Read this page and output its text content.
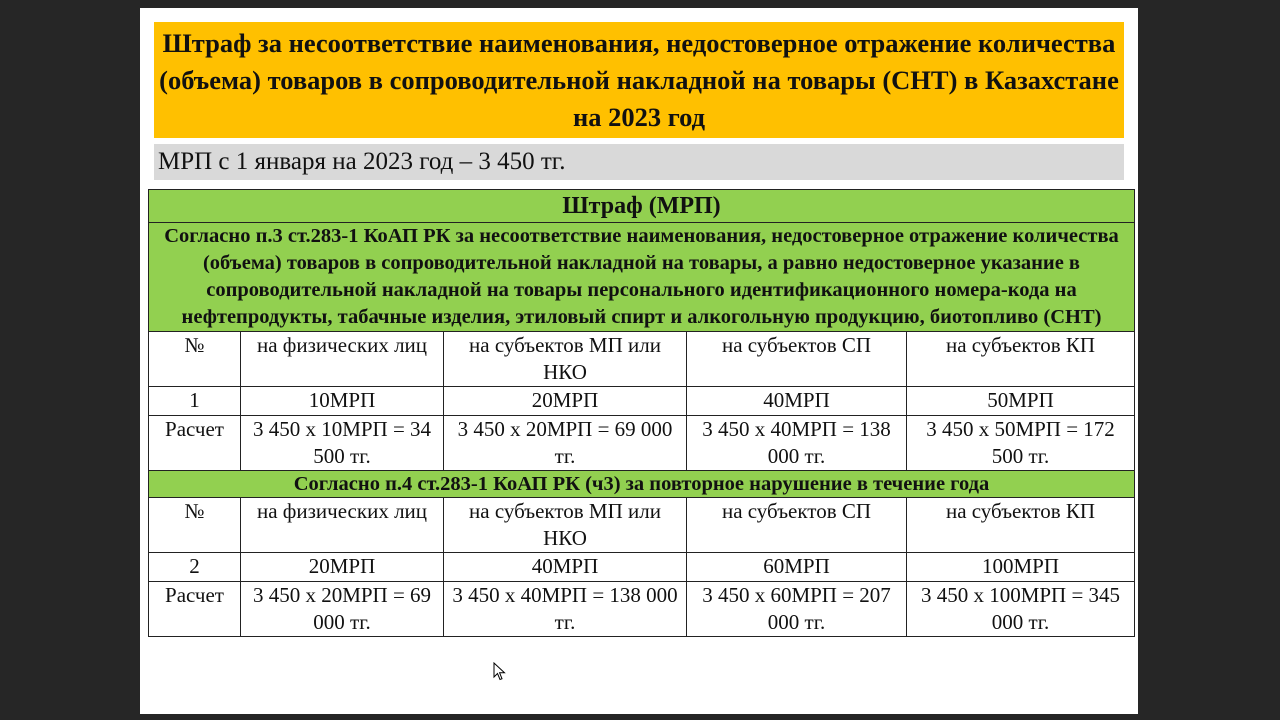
Штраф за несоответствие наименования, недостоверное отражение количества (объема) товаров в сопроводительной накладной на товары (СНТ) в Казахстане на 2023 год
МРП с 1 января на 2023 год – 3 450 тг.
Штраф (МРП)				
Согласно п.3 ст.283-1 КоАП РК за несоответствие наименования, недостоверное отражение количества (объема) товаров в сопроводительной накладной на товары, а равно недостоверное указание в сопроводительной накладной на товары персонального идентификационного номера-кода на нефтепродукты, табачные изделия, этиловый спирт и алкогольную продукцию, биотопливо (СНТ)				
№	на физических лиц	на субъектов МП или НКО	на субъектов СП	на субъектов КП
1	10МРП	20МРП	40МРП	50МРП
Расчет	3 450 х 10МРП = 34 500 тг.	3 450 х 20МРП = 69 000 тг.	3 450 х 40МРП = 138 000 тг.	3 450 х 50МРП = 172 500 тг.
Согласно п.4 ст.283-1 КоАП РК (ч3) за повторное нарушение в течение года				
№	на физических лиц	на субъектов МП или НКО	на субъектов СП	на субъектов КП
2	20МРП	40МРП	60МРП	100МРП
Расчет	3 450 х 20МРП = 69 000 тг.	3 450 х 40МРП = 138 000 тг.	3 450 х 60МРП = 207 000 тг.	3 450 х 100МРП = 345 000 тг.
